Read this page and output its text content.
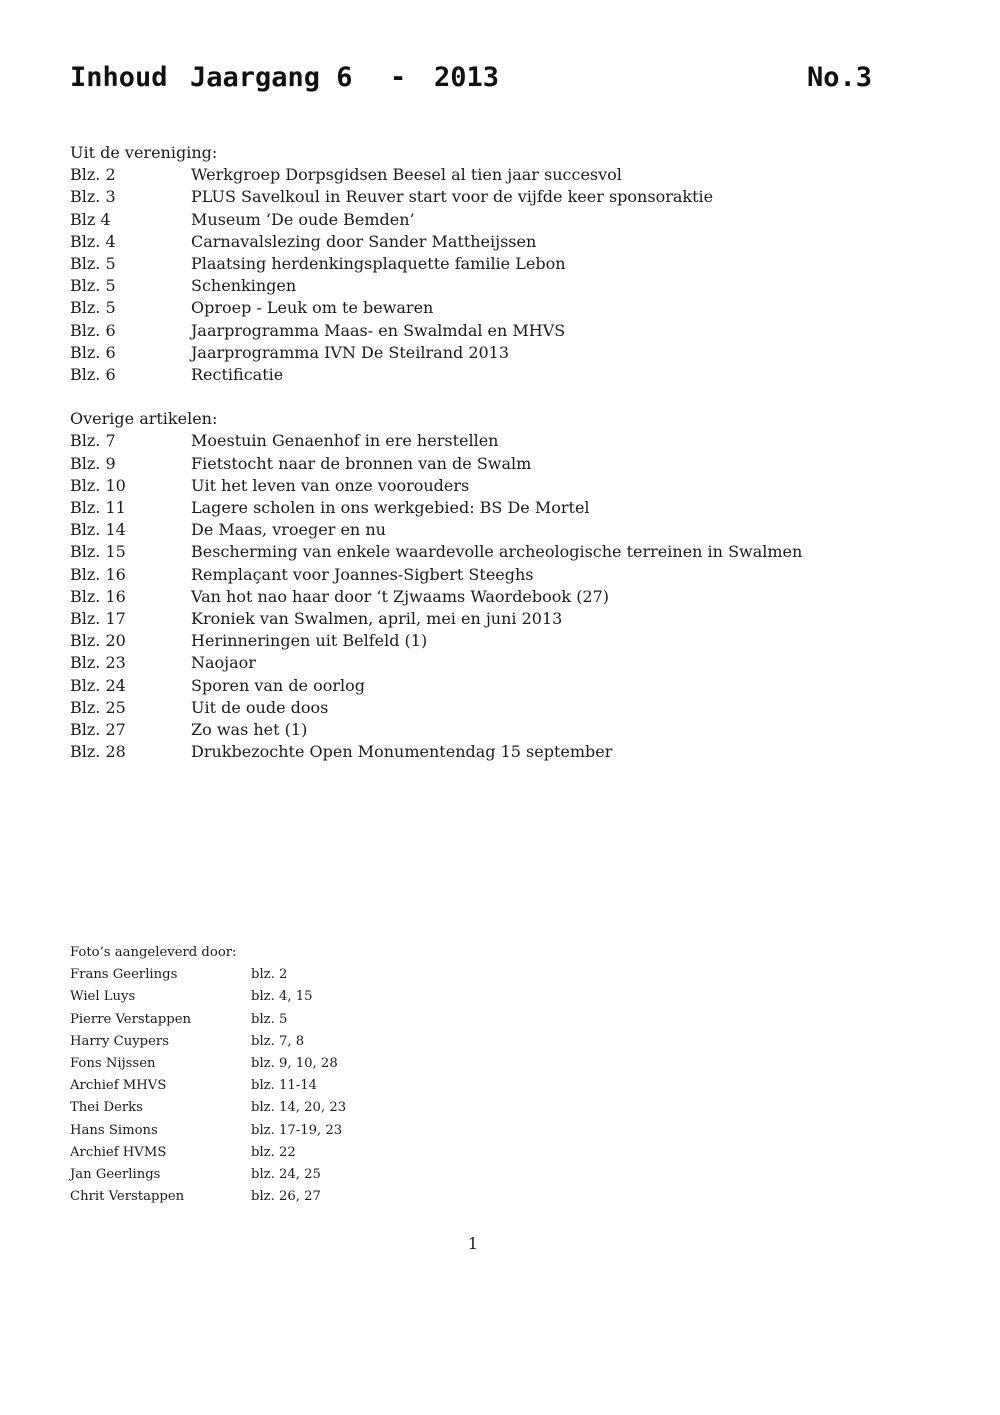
Inhoud Jaargang 6 - 2013	No.3
Uit de vereniging:
Blz. 2	Werkgroep Dorpsgidsen Beesel al tien jaar succesvol
Blz. 3	PLUS Savelkoul in Reuver start voor de vijfde keer sponsoraktie
Blz 4	Museum ‘De oude Bemden’
Blz. 4	Carnavalslezing door Sander Mattheijssen
Blz. 5	Plaatsing herdenkingsplaquette familie Lebon
Blz. 5	Schenkingen
Blz. 5	Oproep - Leuk om te bewaren
Blz. 6	Jaarprogramma Maas- en Swalmdal en MHVS
Blz. 6	Jaarprogramma IVN De Steilrand 2013
Blz. 6	Rectificatie
Overige artikelen:
Blz. 7	Moestuin Genaenhof in ere herstellen
Blz. 9	Fietstocht naar de bronnen van de Swalm
Blz. 10	Uit het leven van onze voorouders
Blz. 11	Lagere scholen in ons werkgebied: BS De Mortel
Blz. 14	De Maas, vroeger en nu
Blz. 15	Bescherming van enkele waardevolle archeologische terreinen in Swalmen
Blz. 16	Remplaçant voor Joannes-Sigbert Steeghs
Blz. 16	Van hot nao haar door ‘t Zjwaams Waordebook (27)
Blz. 17	Kroniek van Swalmen, april, mei en juni 2013
Blz. 20	Herinneringen uit Belfeld (1)
Blz. 23	Naojaor
Blz. 24	Sporen van de oorlog
Blz. 25	Uit de oude doos
Blz. 27	Zo was het (1)
Blz. 28	Drukbezochte Open Monumentendag 15 september
Foto’s aangeleverd door:
Frans Geerlings	blz. 2
Wiel Luys	blz. 4, 15
Pierre Verstappen	blz. 5
Harry Cuypers	blz. 7, 8
Fons Nijssen	blz. 9, 10, 28
Archief MHVS	blz. 11-14
Thei Derks	blz. 14, 20, 23
Hans Simons	blz. 17-19, 23
Archief HVMS	blz. 22
Jan Geerlings	blz. 24, 25
Chrit Verstappen	blz. 26, 27
1
